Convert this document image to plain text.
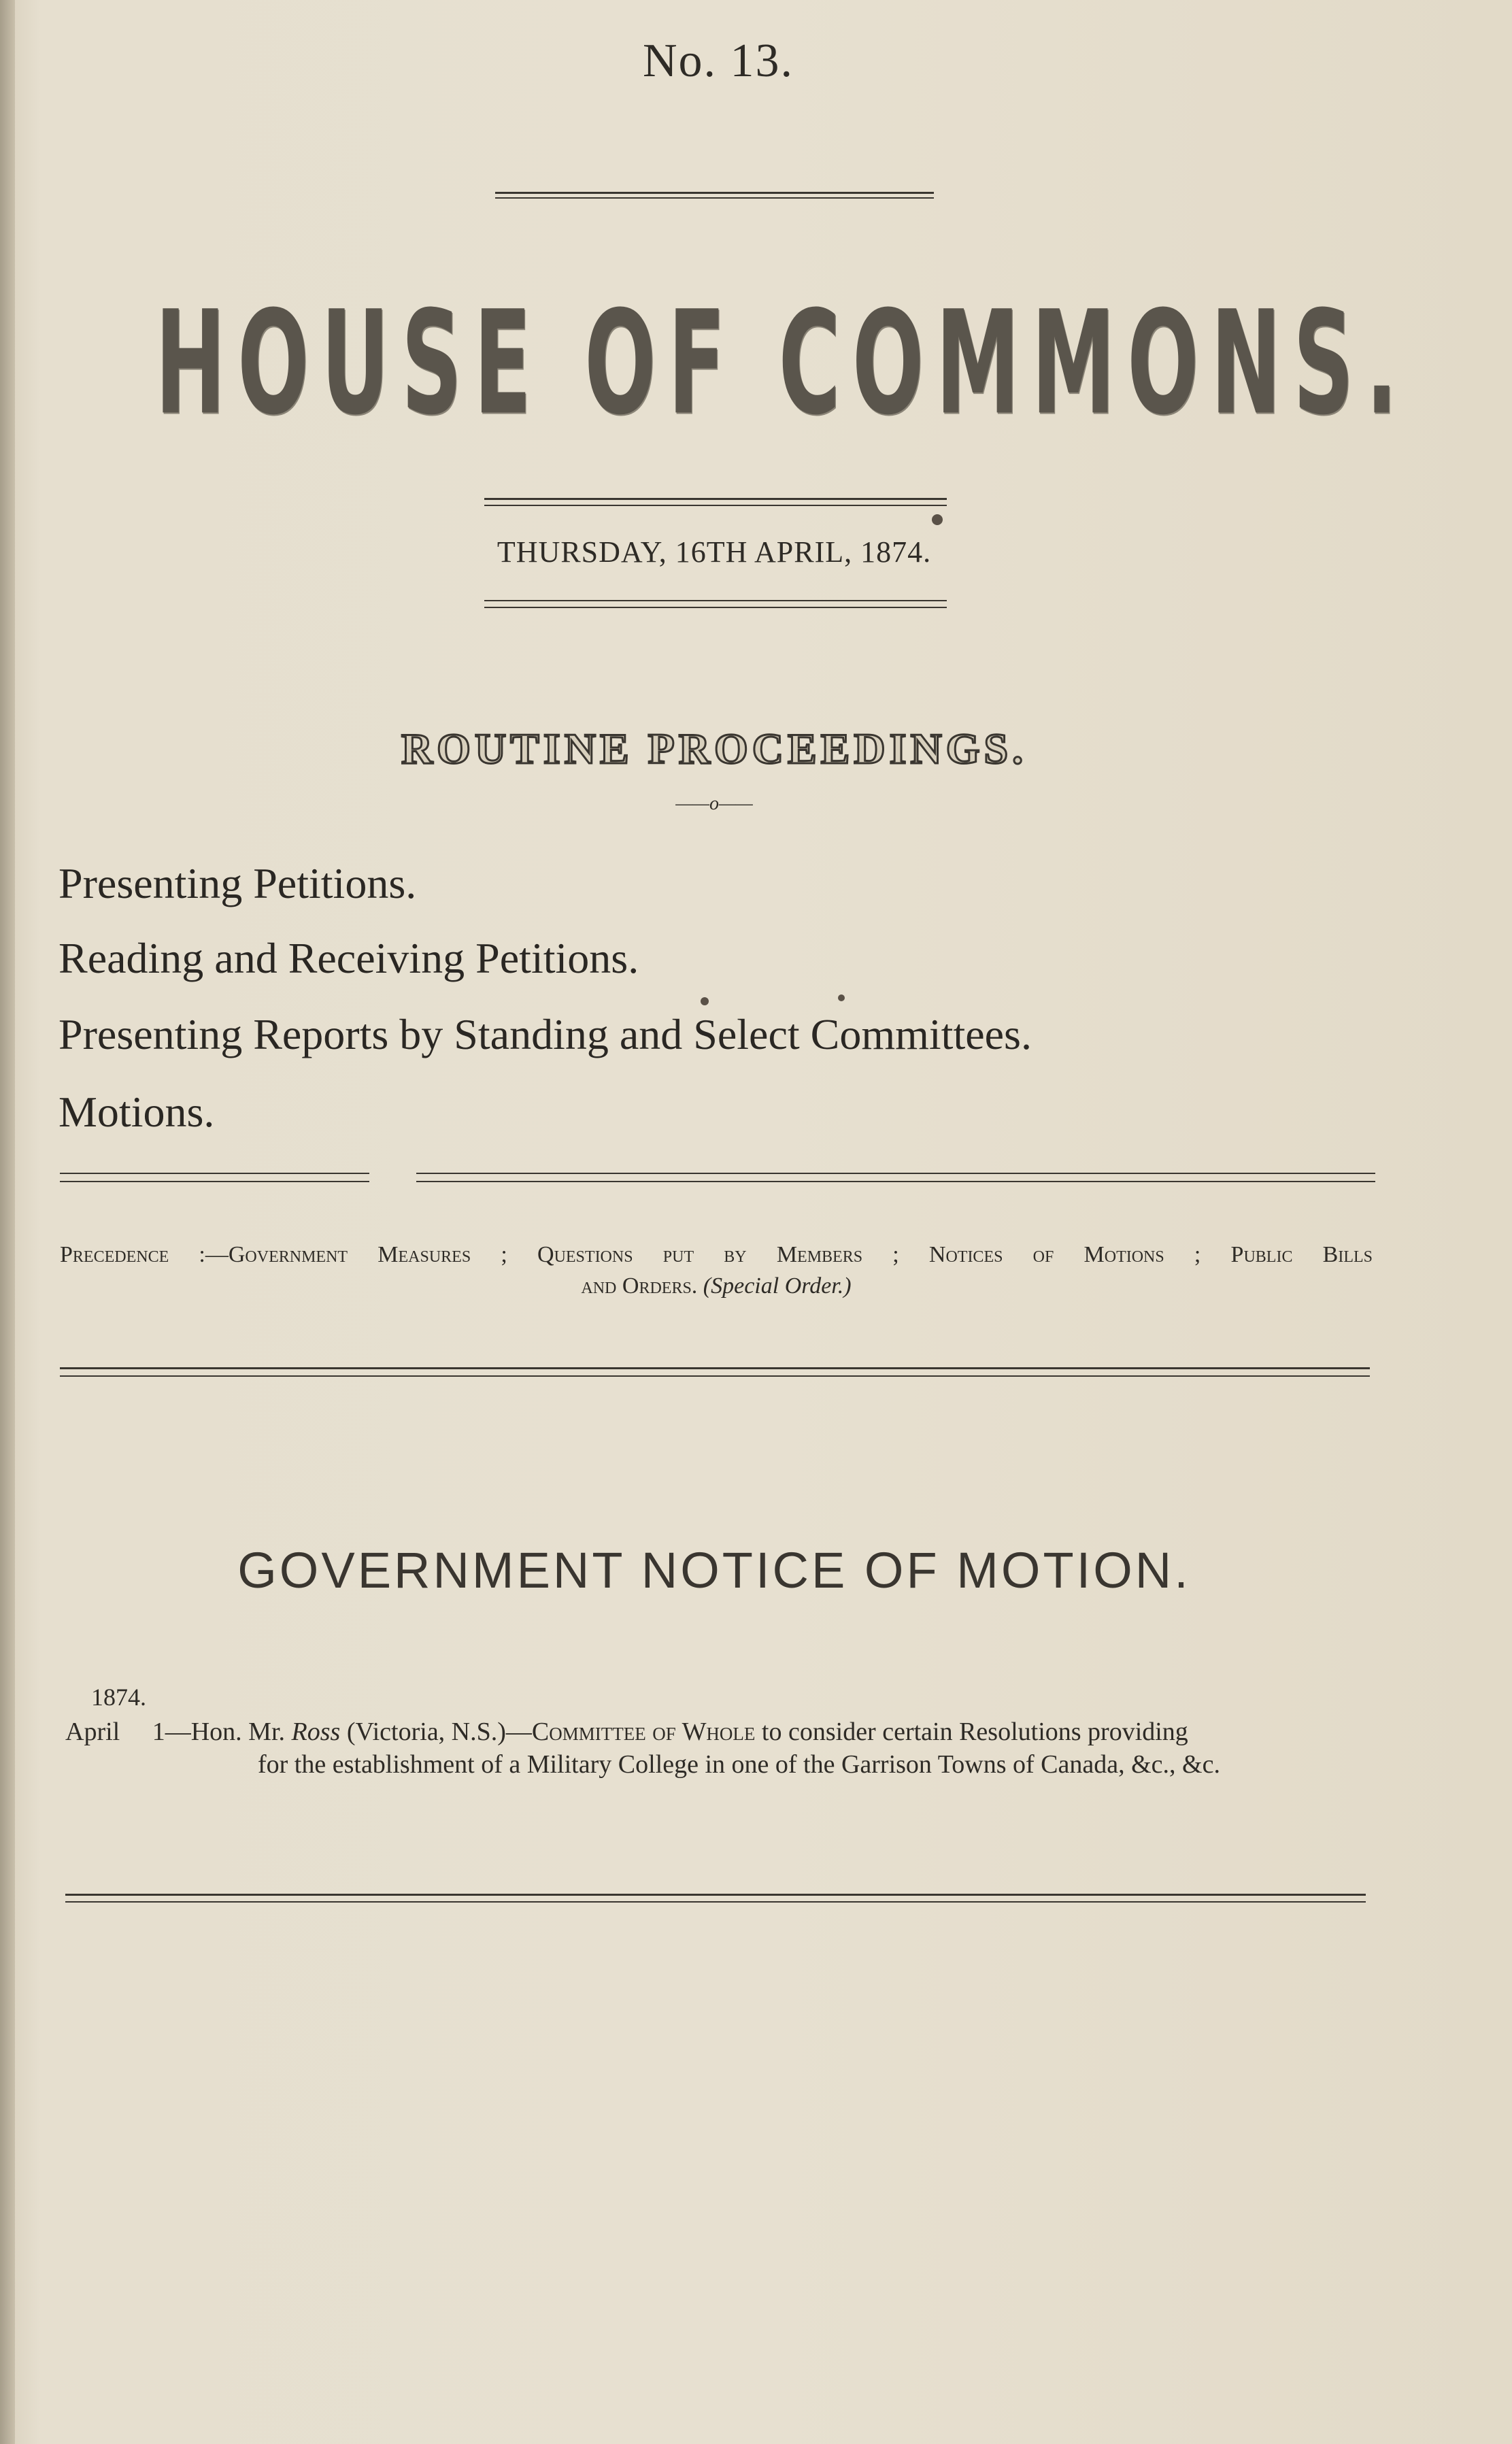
No. 13.
HOUSE OF COMMONS.
THURSDAY, 16TH APRIL, 1874.
ROUTINE PROCEEDINGS.
——o——
Presenting Petitions.
Reading and Receiving Petitions.
Presenting Reports by Standing and Select Committees.
Motions.
Precedence :—Government Measures ; Questions put by Members ; Notices of Motions ; Public Bills
and Orders. (Special Order.)
GOVERNMENT NOTICE OF MOTION.
1874.
April 1—Hon. Mr. Ross (Victoria, N.S.)—Committee of Whole to consider certain Resolutions providing
for the establishment of a Military College in one of the Garrison Towns of Canada, &c., &c.
